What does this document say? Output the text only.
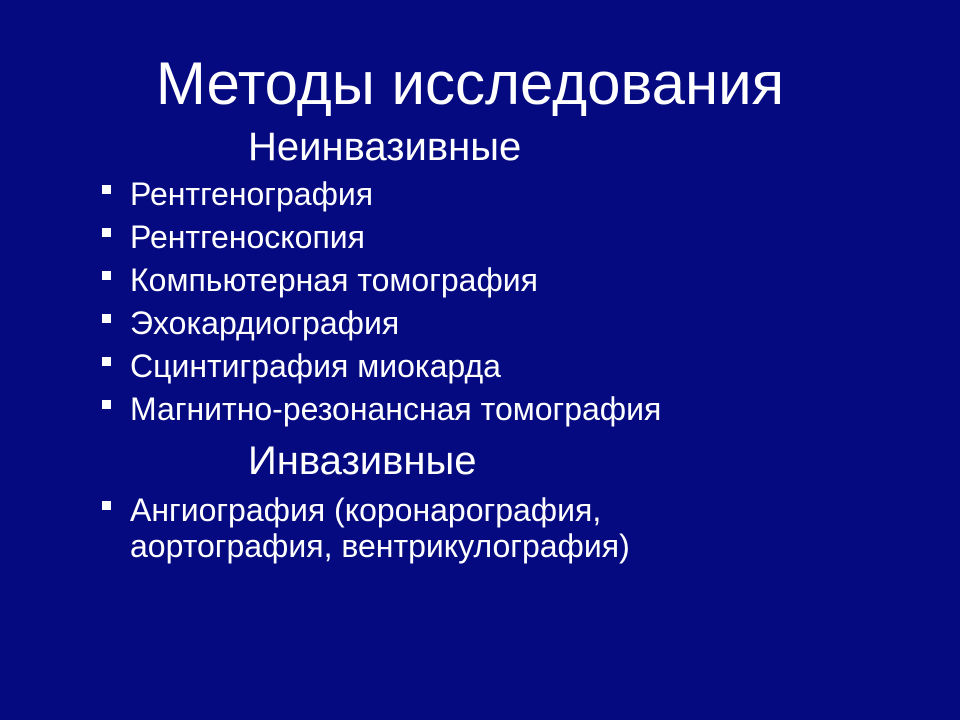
Методы исследования
Неинвазивные
Рентгенография
Рентгеноскопия
Компьютерная томография
Эхокардиография
Сцинтиграфия миокарда
Магнитно-резонансная томография
Инвазивные
Ангиография (коронарография, аортография, вентрикулография)
